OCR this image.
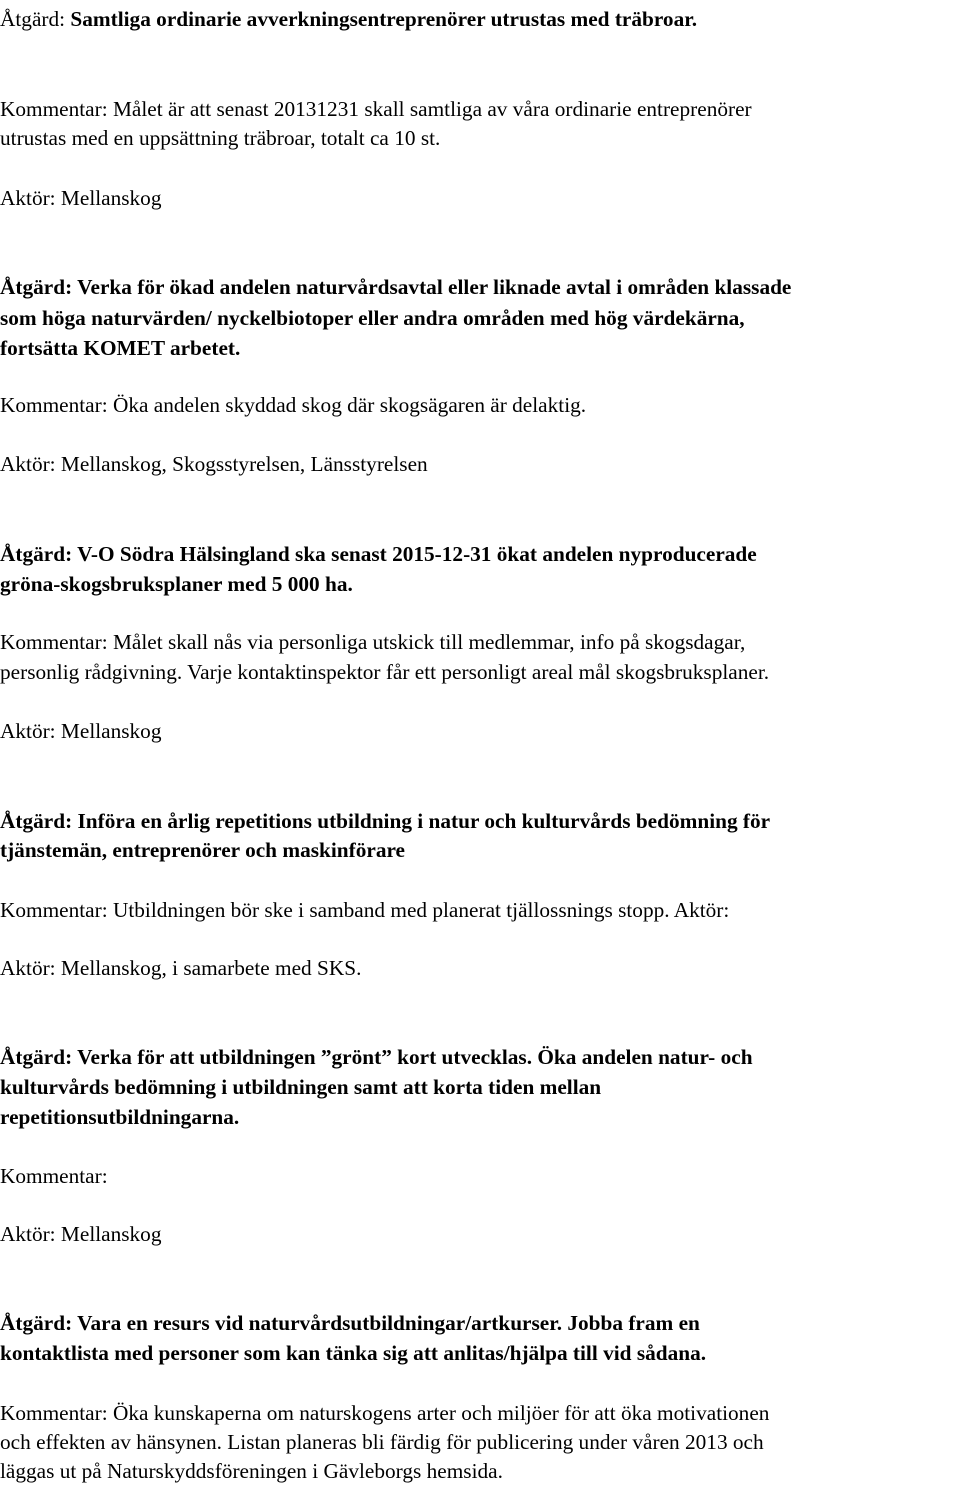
Åtgärd: Samtliga ordinarie avverkningsentreprenörer utrustas med träbroar.

Kommentar: Målet är att senast 20131231 skall samtliga av våra ordinarie entreprenörer

utrustas med en uppsättning träbroar, totalt ca 10 st.

Aktör: Mellanskog

Åtgärd: Verka för ökad andelen naturvårdsavtal eller liknade avtal i områden klassade

som höga naturvärden/ nyckelbiotoper eller andra områden med hög värdekärna,

fortsätta KOMET arbetet.

Kommentar: Öka andelen skyddad skog där skogsägaren är delaktig.

Aktör: Mellanskog, Skogsstyrelsen, Länsstyrelsen

Åtgärd: V-O Södra Hälsingland ska senast 2015-12-31 ökat andelen nyproducerade

gröna-skogsbruksplaner med 5 000 ha.

Kommentar: Målet skall nås via personliga utskick till medlemmar, info på skogsdagar,

personlig rådgivning. Varje kontaktinspektor får ett personligt areal mål skogsbruksplaner.

Aktör: Mellanskog

Åtgärd: Införa en årlig repetitions utbildning i natur och kulturvårds bedömning för

tjänstemän, entreprenörer och maskinförare

Kommentar: Utbildningen bör ske i samband med planerat tjällossnings stopp. Aktör:

Aktör: Mellanskog, i samarbete med SKS.

Åtgärd: Verka för att utbildningen ”grönt” kort utvecklas. Öka andelen natur- och

kulturvårds bedömning i utbildningen samt att korta tiden mellan

repetitionsutbildningarna.

Kommentar:

Aktör: Mellanskog

Åtgärd: Vara en resurs vid naturvårdsutbildningar/artkurser. Jobba fram en

kontaktlista med personer som kan tänka sig att anlitas/hjälpa till vid sådana.

Kommentar: Öka kunskaperna om naturskogens arter och miljöer för att öka motivationen

och effekten av hänsynen. Listan planeras bli färdig för publicering under våren 2013 och

läggas ut på Naturskyddsföreningen i Gävleborgs hemsida.
